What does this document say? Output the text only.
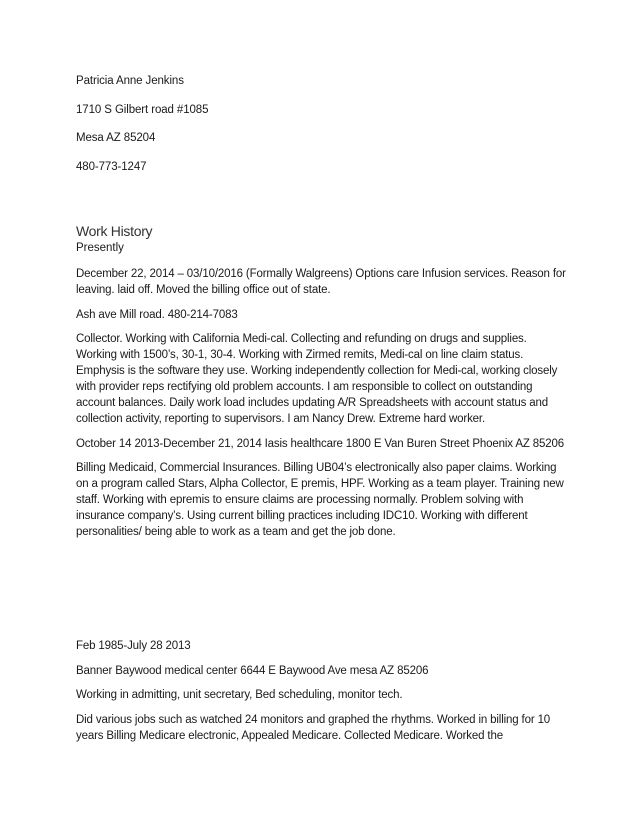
Patricia Anne Jenkins

1710 S Gilbert road #1085

Mesa AZ 85204

480-773-1247

Work History

Presently

December 22, 2014 – 03/10/2016 (Formally Walgreens) Options care Infusion services. Reason for leaving. laid off. Moved the billing office out of state.

Ash ave Mill road. 480-214-7083

Collector. Working with California Medi-cal. Collecting and refunding on drugs and supplies. Working with 1500’s, 30-1, 30-4. Working with Zirmed remits, Medi-cal on line claim status. Emphysis is the software they use. Working independently collection for Medi-cal, working closely with provider reps rectifying old problem accounts. I am responsible to collect on outstanding account balances. Daily work load includes updating A/R Spreadsheets with account status and collection activity, reporting to supervisors. I am Nancy Drew. Extreme hard worker.

October 14 2013-December 21, 2014 Iasis healthcare 1800 E Van Buren Street Phoenix AZ 85206

Billing Medicaid, Commercial Insurances. Billing UB04’s electronically also paper claims. Working on a program called Stars, Alpha Collector, E premis, HPF. Working as a team player. Training new staff. Working with epremis to ensure claims are processing normally. Problem solving with insurance company’s. Using current billing practices including IDC10. Working with different personalities/ being able to work as a team and get the job done.

Feb 1985-July 28 2013

Banner Baywood medical center 6644 E Baywood Ave mesa AZ 85206

Working in admitting, unit secretary, Bed scheduling, monitor tech.

Did various jobs such as watched 24 monitors and graphed the rhythms. Worked in billing for 10 years Billing Medicare electronic, Appealed Medicare. Collected Medicare. Worked the
